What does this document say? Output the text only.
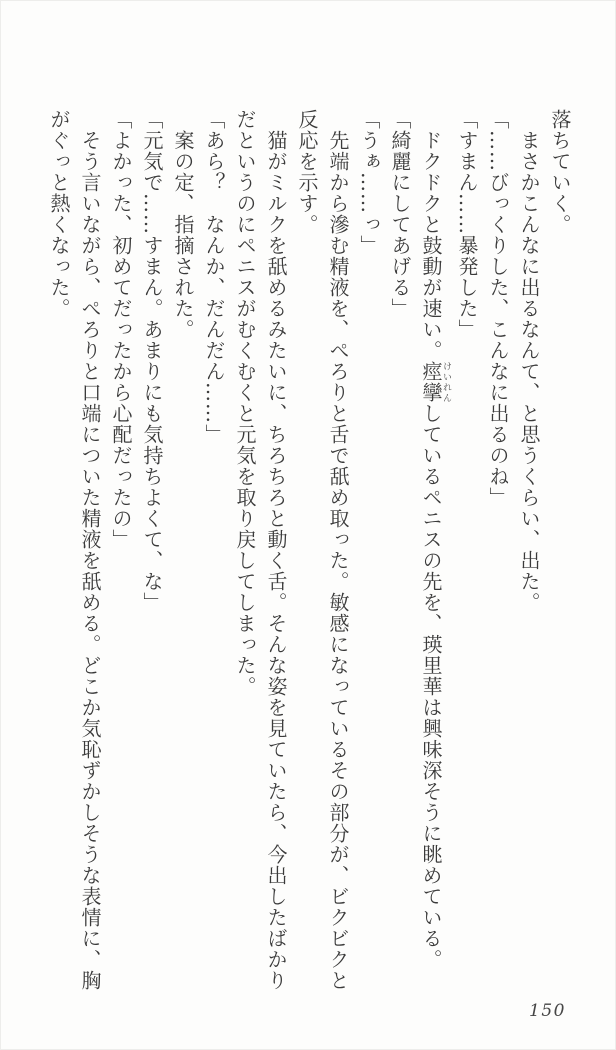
落ちていく。

　まさかこんなに出るなんて、と思うくらい、出た。

「……びっくりした、こんなに出るのね」

「すまん……暴発した」

　ドクドクと鼓動が速い。痙攣けいれんしているペニスの先を、瑛里華は興味深そうに眺めている。

「綺麗にしてあげる」

「うぁ……っ」

　先端から滲む精液を、ぺろりと舌で舐め取った。敏感になっているその部分が、ビクビクと

反応を示す。

　猫がミルクを舐めるみたいに、ちろちろと動く舌。そんな姿を見ていたら、今出したばかり

だというのにペニスがむくむくと元気を取り戻してしまった。

「あら？　なんか、だんだん……」

　案の定、指摘された。

「元気で……すまん。あまりにも気持ちよくて、な」

「よかった、初めてだったから心配だったの」

　そう言いながら、ぺろりと口端についた精液を舐める。どこか気恥ずかしそうな表情に、胸

がぐっと熱くなった。

150
